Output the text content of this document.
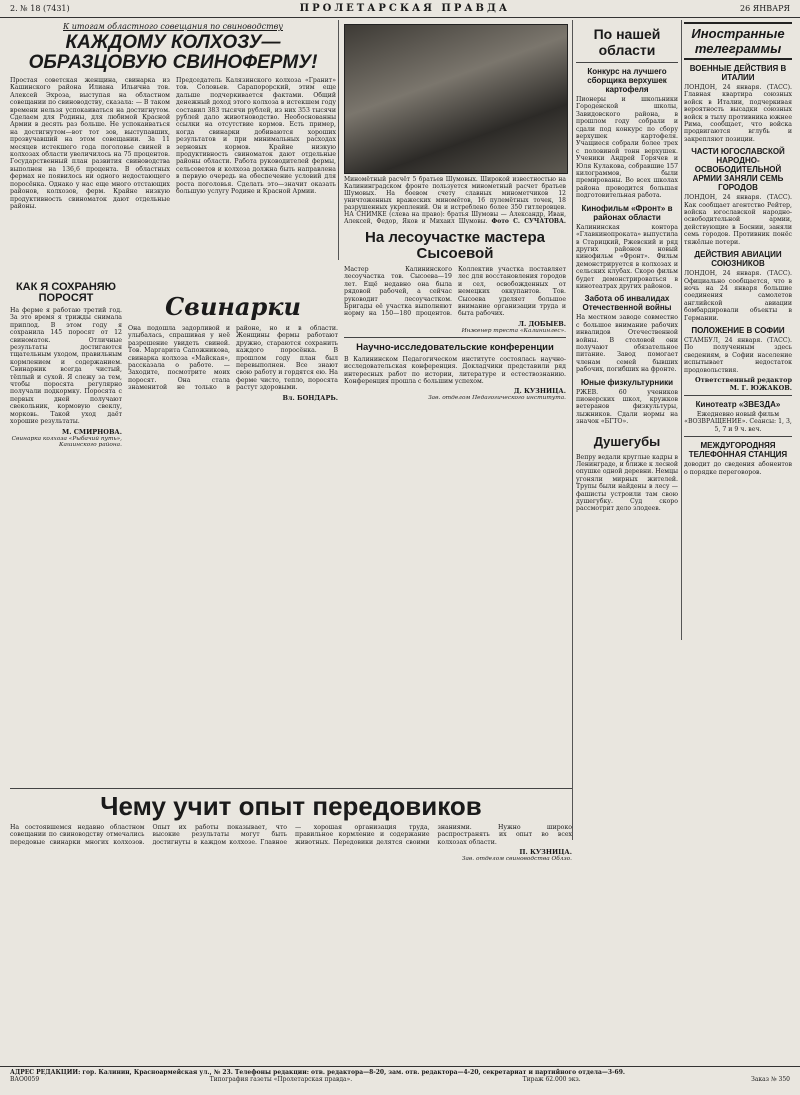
2. № 18 (7431)	ПРОЛЕТАРСКАЯ ПРАВДА	26 ЯНВАРЯ
К итогам областного совещания по свиноводству
КАЖДОМУ КОЛХОЗУ—ОБРАЗЦОВУЮ СВИНОФЕРМУ!
Простая советская женщина, свинарка из Кашинского района Илиана Ильична тов. Алексей Эхроза, выступая на областном совещании по свиноводству, сказала: — В таком времени нельзя успокаиваться на достигнутом. Сделаем для Родины, для любимой Красной Армии в десять раз больше. Не успокаиваться на достигнутом—вот тот зов, выступавших, прозвучавший на этом совещании. За 11 месяцев истекшего года поголовье свиней в колхозах области увеличилось на 75 процентов. Государственный план развития свиноводства выполнен на 136,6 процента. В областных фермах не появилось ни одного недостающего поросёнка. Однако у нас еще много отстающих районов, колхозов, ферм. Крайне низкую продуктивность свиноматок дают отдельные районы.
Председатель Калязинского колхоза «Гранит» тов. Соловьев. Сарапорорский, этим еще дальше подчеркивается фактами. Общий денежный доход этого колхоза в истекшем году составил 383 тысячи рублей, из них 353 тысячи рублей дало животноводство. Необоснованны ссылки на отсутствие кормов. Есть пример, когда свинарки добиваются хороших результатов и при минимальных расходах зерновых кормов. Крайне низкую продуктивность свиноматок дают отдельные районы области. Работа руководителей фермы, сельсоветов и колхоза должна быть направлена в первую очередь на обеспечение условий для роста поголовья. Сделать это—значит оказать большую услугу Родине и Красной Армии.
Миномётный расчёт 5 братьев Шумовых. Широкой известностью на Калининградском фронте пользуется минометный расчет братьев Шумовых. На боевом счету славных минометчиков 12 уничтоженных вражеских миномётов, 16 пулемётных точек, 18 разрушенных укреплений. Он и истреблено более 350 гитлеровцев. НА СНИМКЕ (слева на право): братья Шумовы — Александр, Иван, Алексей, Федор, Яков и Михаил Шумовы. Фото С. СУЧАТОВА.
На лесоучастке мастера Сысоевой
Мастер Калининского лесоучастка тов. Сысоева—19 лет. Ещё недавно она была рядовой рабочей, а сейчас руководит лесоучастком. Бригады её участка выполняют норму на 150—180 процентов. Коллектив участка поставляет лес для восстановления городов и сел, освобожденных от немецких оккупантов. Тов. Сысоева уделяет большое внимание организации труда и быта рабочих.
Л. ДОБЫЕВ.
Инженер треста «Калининлес».
Научно-исследовательские конференции
В Калининском Педагогическом институте состоялась научно-исследовательская конференция. Докладчики представили ряд интересных работ по истории, литературе и естествознанию. Конференция прошла с большим успехом.
Д. КУЗНИЦА.
Зав. отделом Педагогического института.
По нашей области
Конкурс на лучшего сборщика верхушек картофеля
Пионеры и школьники Городенской школы, Завидовского района, в прошлом году собрали и сдали под конкурс по сбору верхушек картофеля. Учащиеся собрали более трех с половиной тонн верхушек. Ученики Андрей Горячев и Юля Кулакова, собравшие 157 килограммов, были премированы. Во всех школах района проводится большая подготовительная работа.
Кинофильм «Фронт» в районах области
Калининская контора «Главкинопроката» выпустила в Старицкий, Ржевский и ряд других районов новый кинофильм «Фронт». Фильм демонстрируется в колхозах и сельских клубах. Скоро фильм будет демонстрироваться в кинотеатрах других районов.
Забота об инвалидах Отечественной войны
На местном заводе совместно с большое внимание рабочих инвалидов Отечественной войны. В столовой они получают обязательное питание. Завод помогает членам семей бывших рабочих, погибших на фронте.
Юные физкультурники
РЖЕВ. 60 учеников пионерских школ, кружков ветеранов физкультуры, лыжников. Сдали нормы на значок «БГТО».
Душегубы
Вепру ведали круглые кадры в Ленинграде, и ближе к лесной опушке одной деревни. Немцы угоняли мирных жителей. Трупы были найдены в лесу — фашисты устроили там свою душегубку. Суд скоро рассмотрит дело злодеев.
Иностранные телеграммы
ВОЕННЫЕ ДЕЙСТВИЯ В ИТАЛИИ
ЛОНДОН, 24 января. (ТАСС). Главная квартира союзных войск в Италии, подчеркивая вероятность высадки союзных войск в тылу противника южнее Рима, сообщает, что войска продвигаются вглубь и закрепляют позиции.
ЧАСТИ ЮГОСЛАВСКОЙ НАРОДНО-ОСВОБОДИТЕЛЬНОЙ АРМИИ ЗАНЯЛИ СЕМЬ ГОРОДОВ
ЛОНДОН, 24 января. (ТАСС). Как сообщает агентство Рейтер, войска югославской народно-освободительной армии, действующие в Боснии, заняли семь городов. Противник понёс тяжёлые потери.
ДЕЙСТВИЯ АВИАЦИИ СОЮЗНИКОВ
ЛОНДОН, 24 января. (ТАСС). Официально сообщается, что в ночь на 24 января большие соединения самолетов английской авиации бомбардировали объекты в Германии.
ПОЛОЖЕНИЕ В СОФИИ
СТАМБУЛ, 24 января. (ТАСС). По полученным здесь сведениям, в Софии население испытывает недостаток продовольствия.
Ответственный редактор М. Г. ЮЖАКОВ.
Кинотеатр «ЗВЕЗДА»
Ежедневно новый фильм «ВОЗВРАЩЕНИЕ». Сеансы: 1, 3, 5, 7 и 9 ч. веч.
МЕЖДУГОРОДНЯЯ ТЕЛЕФОННАЯ СТАНЦИЯ
доводит до сведения абонентов о порядке переговоров.
КАК Я СОХРАНЯЮ ПОРОСЯТ
На ферме я работаю третий год. За это время я трижды снимала приплод. В этом году я сохранила 145 поросят от 12 свиноматок. Отличные результаты достигаются тщательным уходом, правильным кормлением и содержанием. Свинарник всегда чистый, тёплый и сухой. Я слежу за тем, чтобы поросята регулярно получали подкормку. Поросята с первых дней получают свекольник, кормовую свеклу, морковь. Такой уход даёт хорошие результаты.
М. СМИРНОВА.
Свинарка колхоза «Рыбачий путь», Кашинского района.
Свинарки
Она подошла задорливой и улыбалась, спрашивая у неё разрешение увидеть свиней. Тов. Маргарита Сапожникова, свинарка колхоза «Майская», рассказала о работе. — Заходите, посмотрите моих поросят. Она стала знаменитой не только в районе, но и в области. Женщины фермы работают дружно, стараются сохранить каждого поросёнка. В прошлом году план был перевыполнен. Все знают свою работу и гордятся ею. На ферме чисто, тепло, поросята растут здоровыми.
Вл. БОНДАРЬ.
Чему учит опыт передовиков
На состоявшемся недавно областном совещании по свиноводству отмечались передовые свинарки многих колхозов. Опыт их работы показывает, что высокие результаты могут быть достигнуты в каждом колхозе. Главное — хорошая организация труда, правильное кормление и содержание животных. Передовики делятся своими знаниями. Нужно широко распространять их опыт во всех колхозах области.
П. КУЗНИЦА.
Зав. отделом свиноводства Облзо.
АДРЕС РЕДАКЦИИ: гор. Калинин, Красноармейская ул., № 23. Телефоны редакции: отв. редактора—8-20, зам. отв. редактора—4-20, секретариат и партийного отдела—3-69.
ВАО0059	Типография газеты «Пролетарская правда».	Тираж 62.000 экз.	Заказ № 350
